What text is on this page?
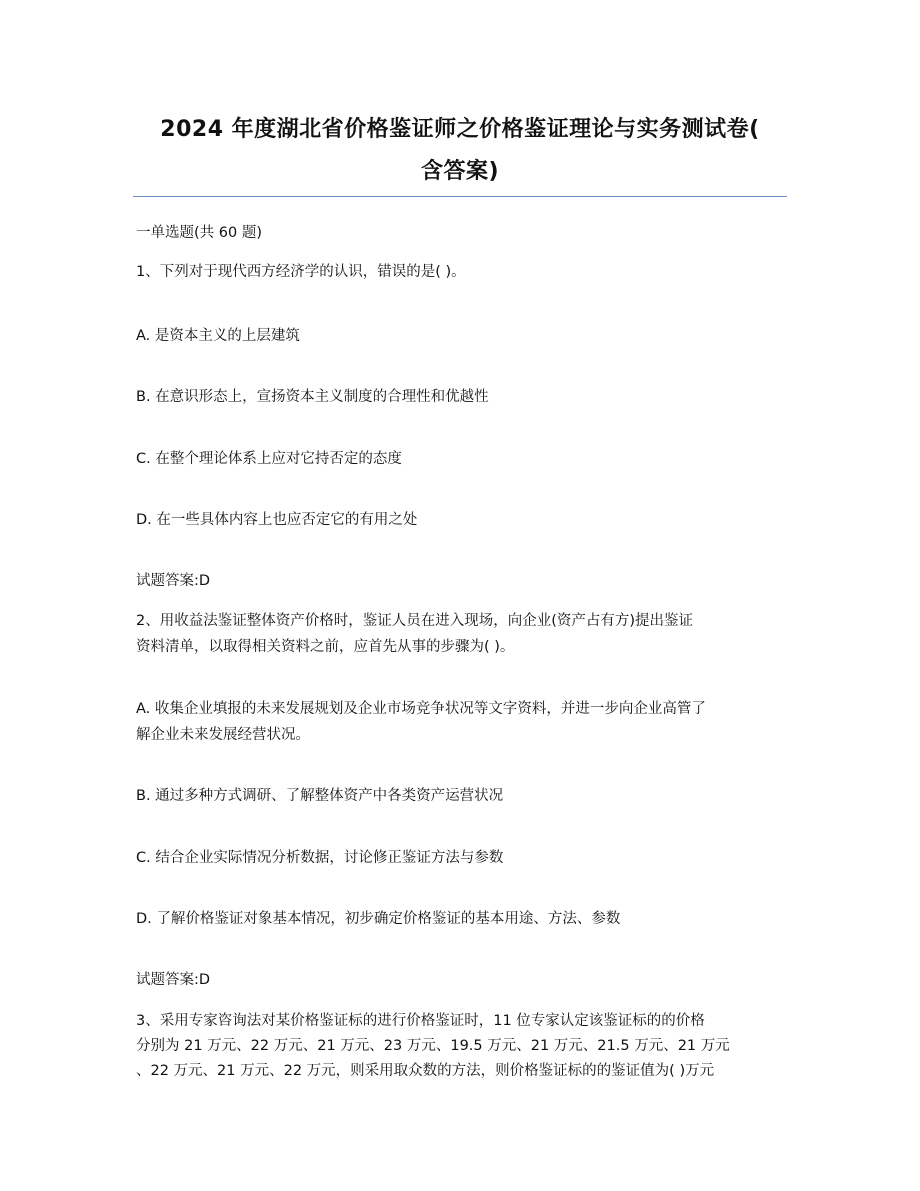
2024 年度湖北省价格鉴证师之价格鉴证理论与实务测试卷(
含答案)
一单选题(共 60 题)
1、下列对于现代西方经济学的认识，错误的是( )。
A. 是资本主义的上层建筑
B. 在意识形态上，宣扬资本主义制度的合理性和优越性
C. 在整个理论体系上应对它持否定的态度
D. 在一些具体内容上也应否定它的有用之处
试题答案:D
2、用收益法鉴证整体资产价格时，鉴证人员在进入现场，向企业(资产占有方)提出鉴证
资料清单，以取得相关资料之前，应首先从事的步骤为( )。
A. 收集企业填报的未来发展规划及企业市场竞争状况等文字资料，并进一步向企业高管了
解企业未来发展经营状况。
B. 通过多种方式调研、了解整体资产中各类资产运营状况
C. 结合企业实际情况分析数据，讨论修正鉴证方法与参数
D. 了解价格鉴证对象基本情况，初步确定价格鉴证的基本用途、方法、参数
试题答案:D
3、采用专家咨询法对某价格鉴证标的进行价格鉴证时，11 位专家认定该鉴证标的的价格
分别为 21 万元、22 万元、21 万元、23 万元、19.5 万元、21 万元、21.5 万元、21 万元
、22 万元、21 万元、22 万元，则采用取众数的方法，则价格鉴证标的的鉴证值为( )万元
